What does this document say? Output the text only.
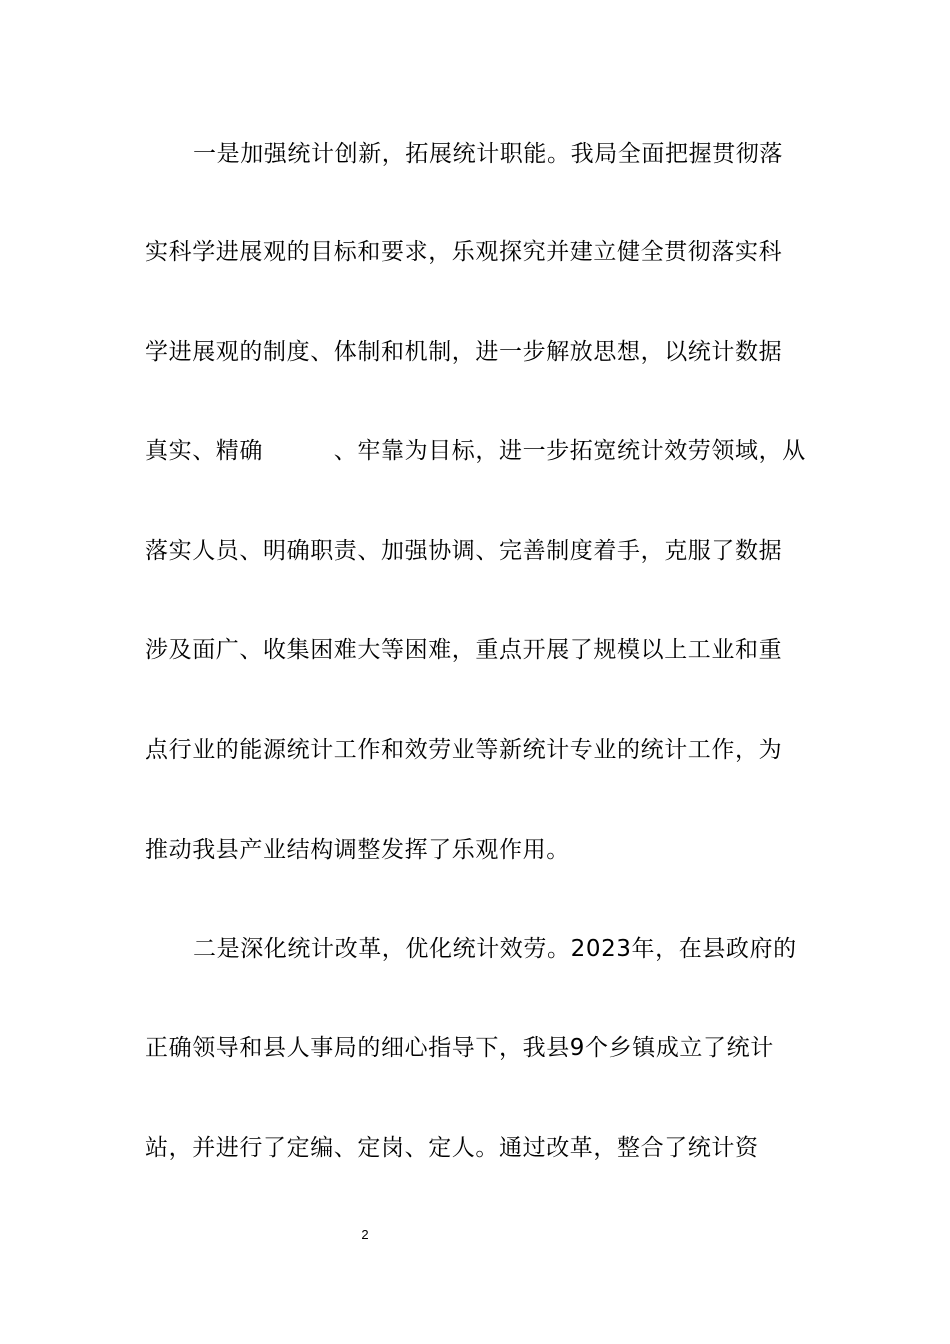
一是加强统计创新，拓展统计职能。我局全面把握贯彻落
实科学进展观的目标和要求，乐观探究并建立健全贯彻落实科
学进展观的制度、体制和机制，进一步解放思想，以统计数据
真实、精确　　　、牢靠为目标，进一步拓宽统计效劳领域，从
落实人员、明确职责、加强协调、完善制度着手，克服了数据
涉及面广、收集困难大等困难，重点开展了规模以上工业和重
点行业的能源统计工作和效劳业等新统计专业的统计工作，为
推动我县产业结构调整发挥了乐观作用。
二是深化统计改革，优化统计效劳。2023年，在县政府的
正确领导和县人事局的细心指导下，我县9个乡镇成立了统计
站，并进行了定编、定岗、定人。通过改革，整合了统计资
2
